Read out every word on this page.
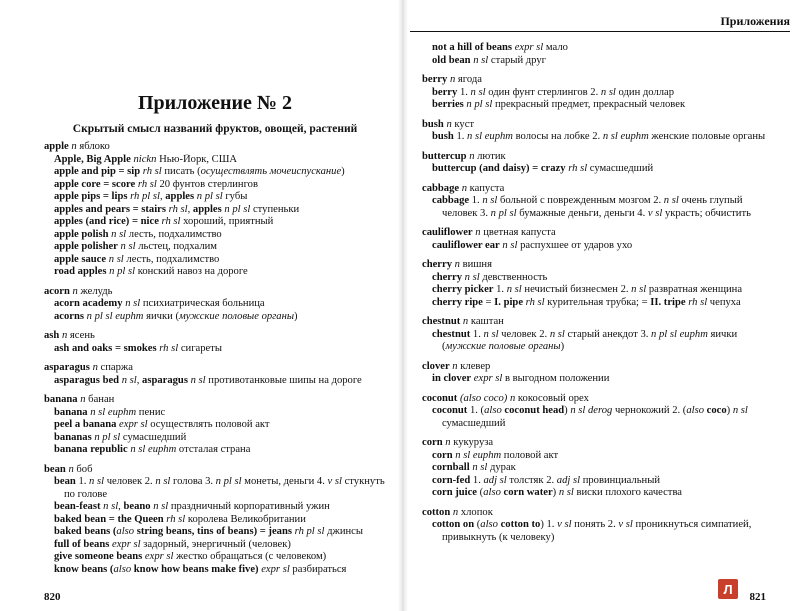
Приложение № 2
Скрытый смысл названий фруктов, овощей, растений
apple n яблоко
Apple, Big Apple nickn Нью-Йорк, США
apple and pip = sip rh sl писать (осуществлять мочеиспускание)
apple core = score rh sl 20 фунтов стерлингов
apple pips = lips rh pl sl, apples n pl sl губы
apples and pears = stairs rh sl, apples n pl sl ступеньки
apples (and rice) = nice rh sl хороший, приятный
apple polish n sl лесть, подхалимство
apple polisher n sl льстец, подхалим
apple sauce n sl лесть, подхалимство
road apples n pl sl конский навоз на дороге
acorn n желудь
acorn academy n sl психиатрическая больница
acorns n pl sl euphm яички (мужские половые органы)
ash n ясень
ash and oaks = smokes rh sl сигареты
asparagus n спаржа
asparagus bed n sl, asparagus n sl противотанковые шипы на дороге
banana n банан
banana n sl euphm пенис
peel a banana expr sl осуществлять половой акт
bananas n pl sl сумасшедший
banana republic n sl euphm отсталая страна
bean n боб
bean 1. n sl человек 2. n sl голова 3. n pl sl монеты, деньги 4. v sl стукнуть по голове
bean-feast n sl, beano n sl праздничный корпоративный ужин
baked bean = the Queen rh sl королева Великобритании
baked beans (also string beans, tins of beans) = jeans rh pl sl джинсы
full of beans expr sl задорный, энергичный (человек)
give someone beans expr sl жестко обращаться (с человеком)
know beans (also know how beans make five) expr sl разбираться
820
Приложения
not a hill of beans expr sl мало
old bean n sl старый друг
berry n ягода
berry 1. n sl один фунт стерлингов 2. n sl один доллар
berries n pl sl прекрасный предмет, прекрасный человек
bush n куст
bush 1. n sl euphm волосы на лобке 2. n sl euphm женские половые органы
buttercup n лютик
buttercup (and daisy) = crazy rh sl сумасшедший
cabbage n капуста
cabbage 1. n sl больной с поврежденным мозгом 2. n sl очень глупый человек 3. n pl sl бумажные деньги, деньги 4. v sl украсть; обчистить
cauliflower n цветная капуста
cauliflower ear n sl распухшее от ударов ухо
cherry n вишня
cherry n sl девственность
cherry picker 1. n sl нечистый бизнесмен 2. n sl развратная женщина
cherry ripe = I. pipe rh sl курительная трубка; = II. tripe rh sl чепуха
chestnut n каштан
chestnut 1. n sl человек 2. n sl старый анекдот 3. n pl sl euphm яички (мужские половые органы)
clover n клевер
in clover expr sl в выгодном положении
coconut (also coco) n кокосовый орех
coconut 1. (also coconut head) n sl derog чернокожий 2. (also coco) n sl сумасшедший
corn n кукуруза
corn n sl euphm половой акт
cornball n sl дурак
corn-fed 1. adj sl толстяк 2. adj sl провинциальный
corn juice (also corn water) n sl виски плохого качества
cotton n хлопок
cotton on (also cotton to) 1. v sl понять 2. v sl проникнуться симпатией, привыкнуть (к человеку)
Л
821
